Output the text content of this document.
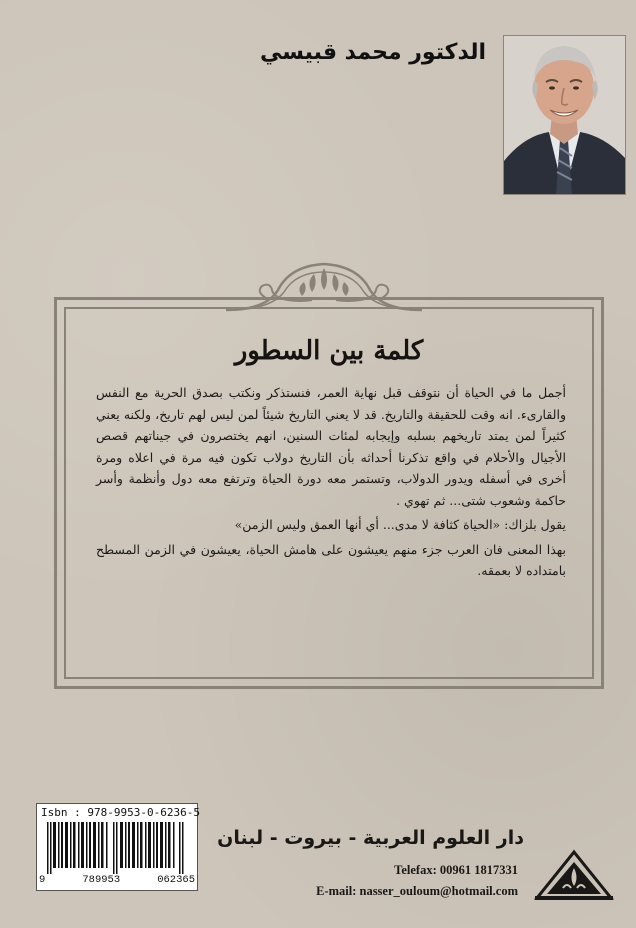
الدكتور محمد قبيسي
كلمة بين السطور

أجمل ما في الحياة أن نتوقف قبل نهاية العمر، فنستذكر ونكتب بصدق الحرية مع النفس والقارىء. انه وقت للحقيقة والتاريخ. قد لا يعني التاريخ شيئاً لمن ليس لهم تاريخ، ولكنه يعني كثيراً لمن يمتد تاريخهم بسلبه وإيجابه لمئات السنين، انهم يختصرون في جيناتهم قصص الأجيال والأحلام في واقع تذكرنا أحداثه بأن التاريخ دولاب تكون فيه مرة في اعلاه ومرة أخرى في أسفله ويدور الدولاب، وتستمر معه دورة الحياة وترتفع معه دول وأنظمة وأسر حاكمة وشعوب شتى... ثم تهوي .

يقول بلزاك: «الحياة كثافة لا مدى... أي أنها العمق وليس الزمن»

بهذا المعنى فان العرب جزء منهم يعيشون على هامش الحياة، يعيشون في الزمن المسطح بامتداده لا بعمقه.

Isbn : 978-9953-0-6236-5
9	789953	062365
دار العلوم العربية - بيروت - لبنان
Telefax: 00961 1817331
E-mail: nasser_ouloum@hotmail.com
